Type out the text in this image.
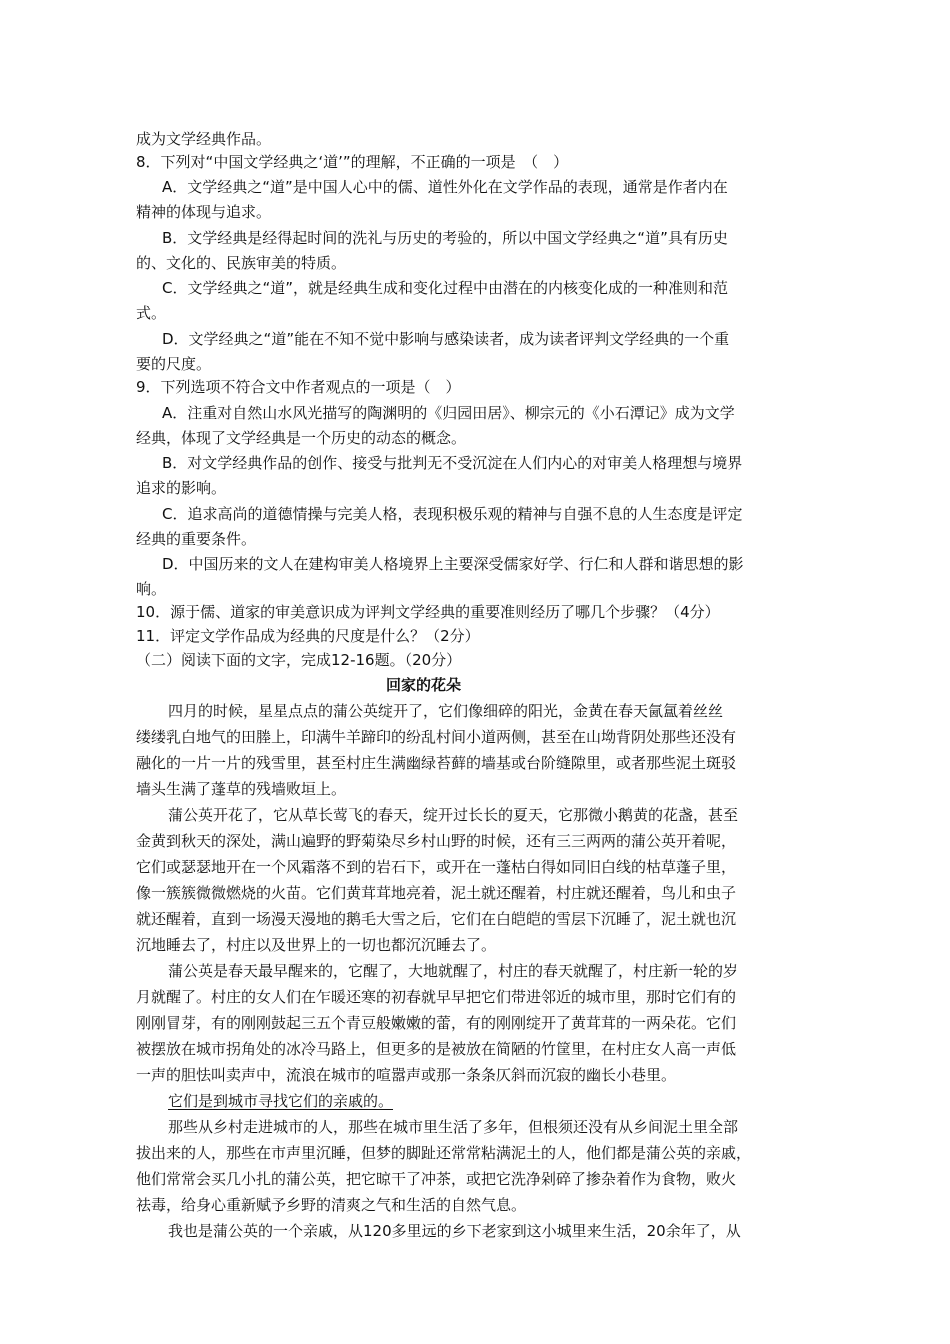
成为文学经典作品。
8．下列对“中国文学经典之‘道’”的理解，不正确的一项是　（　）
A．文学经典之“道”是中国人心中的儒、道性外化在文学作品的表现，通常是作者内在
精神的体现与追求。
B．文学经典是经得起时间的洗礼与历史的考验的，所以中国文学经典之“道”具有历史
的、文化的、民族审美的特质。
C．文学经典之“道”，就是经典生成和变化过程中由潜在的内核变化成的一种准则和范
式。
D．文学经典之“道”能在不知不觉中影响与感染读者，成为读者评判文学经典的一个重
要的尺度。
9．下列选项不符合文中作者观点的一项是（　）
A．注重对自然山水风光描写的陶渊明的《归园田居》、柳宗元的《小石潭记》成为文学
经典，体现了文学经典是一个历史的动态的概念。
B．对文学经典作品的创作、接受与批判无不受沉淀在人们内心的对审美人格理想与境界
追求的影响。
C．追求高尚的道德情操与完美人格，表现积极乐观的精神与自强不息的人生态度是评定
经典的重要条件。
D．中国历来的文人在建构审美人格境界上主要深受儒家好学、行仁和人群和谐思想的影
响。
10．源于儒、道家的审美意识成为评判文学经典的重要准则经历了哪几个步骤？（4分）
11．评定文学作品成为经典的尺度是什么？（2分）
（二）阅读下面的文字，完成12-16题。（20分）
回家的花朵
四月的时候，星星点点的蒲公英绽开了，它们像细碎的阳光，金黄在春天氤氲着丝丝
缕缕乳白地气的田塍上，印满牛羊蹄印的纷乱村间小道两侧，甚至在山坳背阴处那些还没有
融化的一片一片的残雪里，甚至村庄生满幽绿苔藓的墙基或台阶缝隙里，或者那些泥土斑驳
墙头生满了蓬草的残墙败垣上。
蒲公英开花了，它从草长莺飞的春天，绽开过长长的夏天，它那微小鹅黄的花盏，甚至
金黄到秋天的深处，满山遍野的野菊染尽乡村山野的时候，还有三三两两的蒲公英开着呢，
它们或瑟瑟地开在一个风霜落不到的岩石下，或开在一蓬枯白得如同旧白线的枯草蓬子里，
像一簇簇微微燃烧的火苗。它们黄茸茸地亮着，泥土就还醒着，村庄就还醒着，鸟儿和虫子
就还醒着，直到一场漫天漫地的鹅毛大雪之后，它们在白皑皑的雪层下沉睡了，泥土就也沉
沉地睡去了，村庄以及世界上的一切也都沉沉睡去了。
蒲公英是春天最早醒来的，它醒了，大地就醒了，村庄的春天就醒了，村庄新一轮的岁
月就醒了。村庄的女人们在乍暖还寒的初春就早早把它们带进邻近的城市里，那时它们有的
刚刚冒芽，有的刚刚鼓起三五个青豆般嫩嫩的蕾，有的刚刚绽开了黄茸茸的一两朵花。它们
被摆放在城市拐角处的冰冷马路上，但更多的是被放在简陋的竹筐里，在村庄女人高一声低
一声的胆怯叫卖声中，流浪在城市的喧嚣声或那一条条仄斜而沉寂的幽长小巷里。
它们是到城市寻找它们的亲戚的。
那些从乡村走进城市的人，那些在城市里生活了多年，但根须还没有从乡间泥土里全部
拔出来的人，那些在市声里沉睡，但梦的脚趾还常常粘满泥土的人，他们都是蒲公英的亲戚，
他们常常会买几小扎的蒲公英，把它晾干了冲茶，或把它洗净剁碎了掺杂着作为食物，败火
祛毒，给身心重新赋予乡野的清爽之气和生活的自然气息。
我也是蒲公英的一个亲戚，从120多里远的乡下老家到这小城里来生活，20余年了，从
